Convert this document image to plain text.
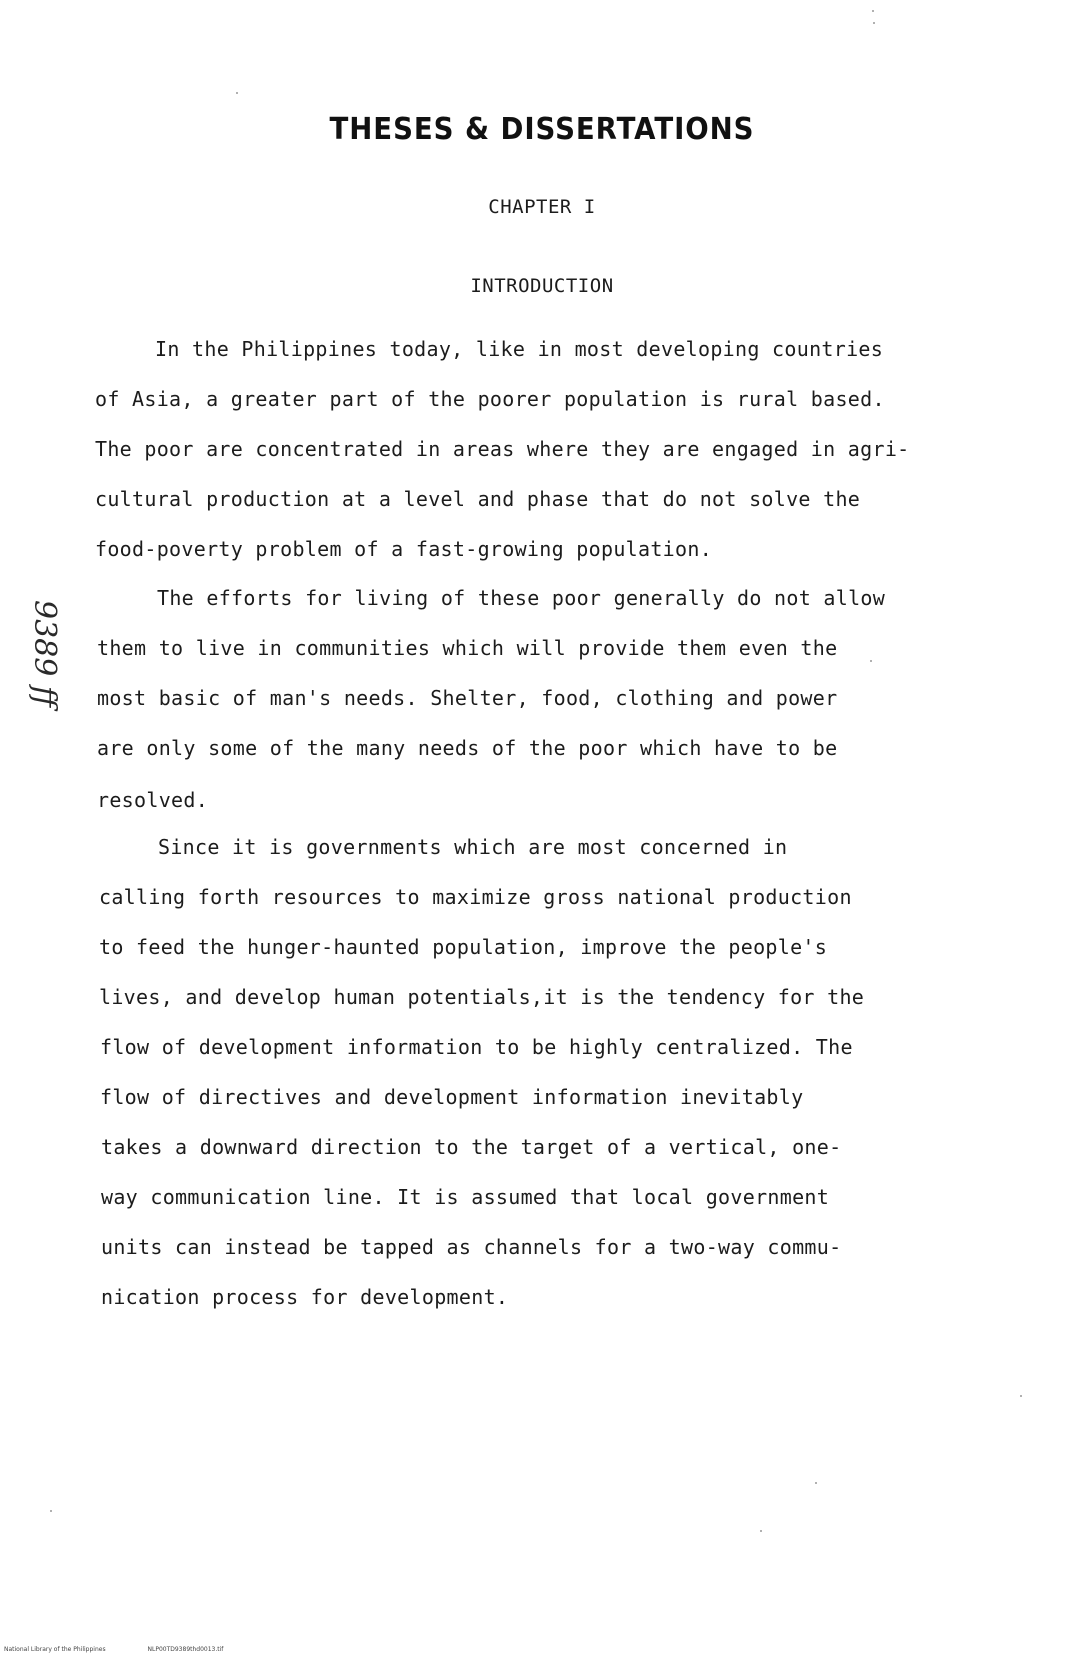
THESES & DISSERTATIONS
CHAPTER I
INTRODUCTION
9389 ff
In the Philippines today, like in most developing countries
of Asia, a greater part of the poorer population is rural based.
The poor are concentrated in areas where they are engaged in agri-
cultural production at a level and phase that do not solve the
food-poverty problem of a fast-growing population.
The efforts for living of these poor generally do not allow
them to live in communities which will provide them even the
most basic of man's needs. Shelter, food, clothing and power
are only some of the many needs of the poor which have to be
resolved.
Since it is governments which are most concerned in
calling forth resources to maximize gross national production
to feed the hunger-haunted population, improve the people's
lives, and develop human potentials,it is the tendency for the
flow of development information to be highly centralized. The
flow of directives and development information inevitably
takes a downward direction to the target of a vertical, one-
way communication line. It is assumed that local government
units can instead be tapped as channels for a two-way commu-
nication process for development.
National Library of the Philippines	NLP00TD9389thd0013.tif
